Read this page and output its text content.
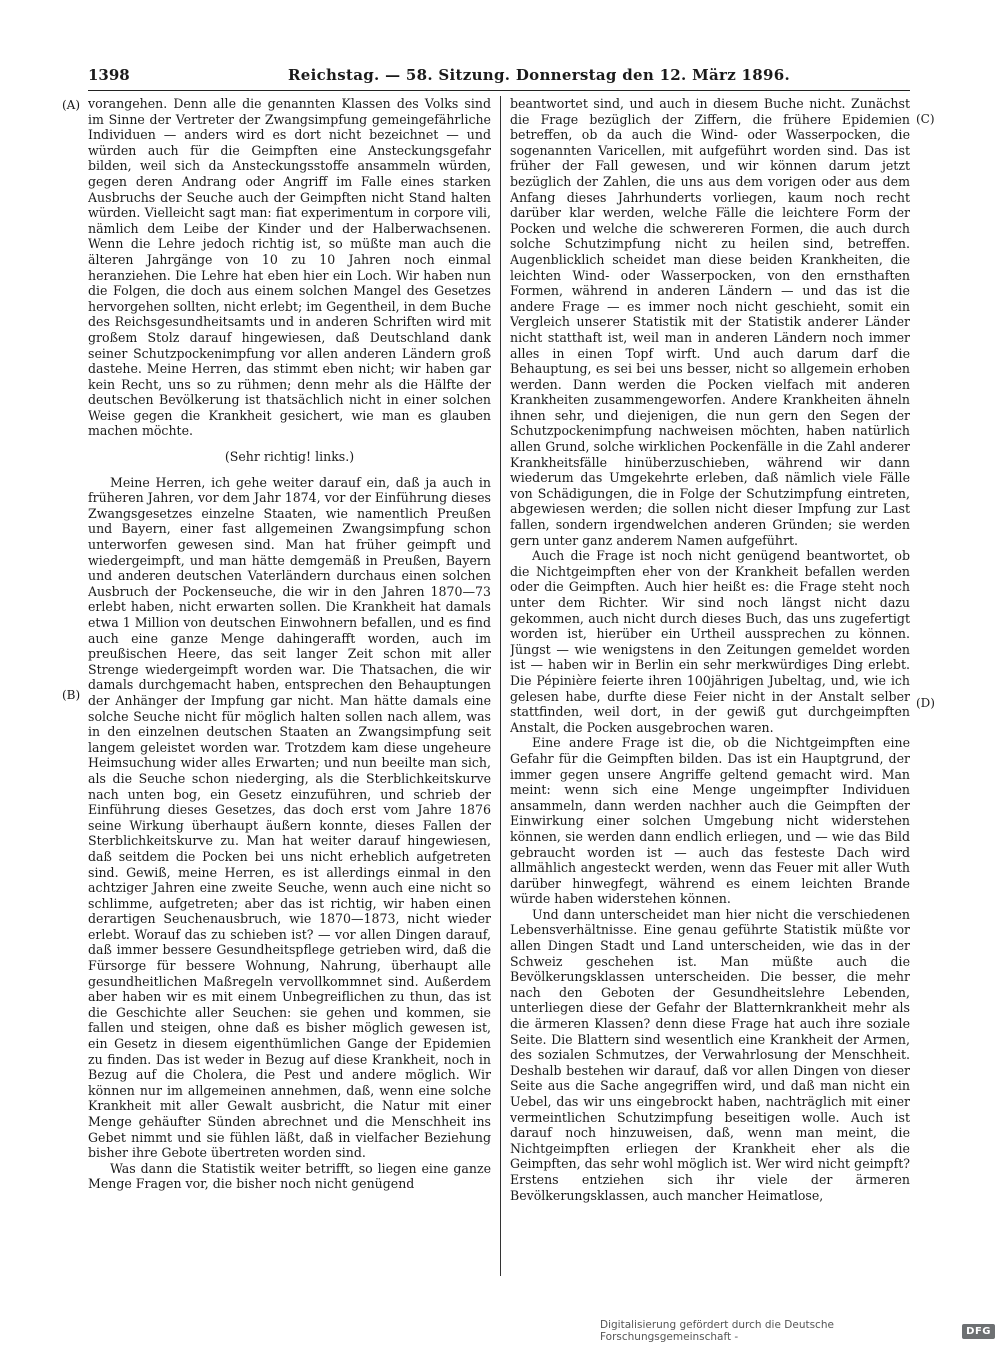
1398	Reichstag. — 58. Sitzung. Donnerstag den 12. März 1896.
(A)
(B)
(C)
(D)

vorangehen. Denn alle die genannten Klassen des Volks sind im Sinne der Vertreter der Zwangsimpfung gemeingefährliche Individuen — anders wird es dort nicht bezeichnet — und würden auch für die Geimpften eine Ansteckungsgefahr bilden, weil sich da Ansteckungsstoffe ansammeln würden, gegen deren Andrang oder Angriff im Falle eines starken Ausbruchs der Seuche auch der Geimpften nicht Stand halten würden. Vielleicht sagt man: fiat experimentum in corpore vili, nämlich dem Leibe der Kinder und der Halberwachsenen. Wenn die Lehre jedoch richtig ist, so müßte man auch die älteren Jahrgänge von 10 zu 10 Jahren noch einmal heranziehen. Die Lehre hat eben hier ein Loch. Wir haben nun die Folgen, die doch aus einem solchen Mangel des Gesetzes hervorgehen sollten, nicht erlebt; im Gegentheil, in dem Buche des Reichsgesundheitsamts und in anderen Schriften wird mit großem Stolz darauf hingewiesen, daß Deutschland dank seiner Schutzpockenimpfung vor allen anderen Ländern groß dastehe. Meine Herren, das stimmt eben nicht; wir haben gar kein Recht, uns so zu rühmen; denn mehr als die Hälfte der deutschen Bevölkerung ist thatsächlich nicht in einer solchen Weise gegen die Krankheit gesichert, wie man es glauben machen möchte.

(Sehr richtig! links.)

Meine Herren, ich gehe weiter darauf ein, daß ja auch in früheren Jahren, vor dem Jahr 1874, vor der Einführung dieses Zwangsgesetzes einzelne Staaten, wie namentlich Preußen und Bayern, einer fast allgemeinen Zwangsimpfung schon unterworfen gewesen sind. Man hat früher geimpft und wiedergeimpft, und man hätte demgemäß in Preußen, Bayern und anderen deutschen Vaterländern durchaus einen solchen Ausbruch der Pockenseuche, die wir in den Jahren 1870—73 erlebt haben, nicht erwarten sollen. Die Krankheit hat damals etwa 1 Million von deutschen Einwohnern befallen, und es find auch eine ganze Menge dahingerafft worden, auch im preußischen Heere, das seit langer Zeit schon mit aller Strenge wiedergeimpft worden war. Die Thatsachen, die wir damals durchgemacht haben, entsprechen den Behauptungen der Anhänger der Impfung gar nicht. Man hätte damals eine solche Seuche nicht für möglich halten sollen nach allem, was in den einzelnen deutschen Staaten an Zwangsimpfung seit langem geleistet worden war. Trotzdem kam diese ungeheure Heimsuchung wider alles Erwarten; und nun beeilte man sich, als die Seuche schon niederging, als die Sterblichkeitskurve nach unten bog, ein Gesetz einzuführen, und schrieb der Einführung dieses Gesetzes, das doch erst vom Jahre 1876 seine Wirkung überhaupt äußern konnte, dieses Fallen der Sterblichkeitskurve zu. Man hat weiter darauf hingewiesen, daß seitdem die Pocken bei uns nicht erheblich aufgetreten sind. Gewiß, meine Herren, es ist allerdings einmal in den achtziger Jahren eine zweite Seuche, wenn auch eine nicht so schlimme, aufgetreten; aber das ist richtig, wir haben einen derartigen Seuchenausbruch, wie 1870—1873, nicht wieder erlebt. Worauf das zu schieben ist? — vor allen Dingen darauf, daß immer bessere Gesundheitspflege getrieben wird, daß die Fürsorge für bessere Wohnung, Nahrung, überhaupt alle gesundheitlichen Maßregeln vervollkommnet sind. Außerdem aber haben wir es mit einem Unbegreiflichen zu thun, das ist die Geschichte aller Seuchen: sie gehen und kommen, sie fallen und steigen, ohne daß es bisher möglich gewesen ist, ein Gesetz in diesem eigenthümlichen Gange der Epidemien zu finden. Das ist weder in Bezug auf diese Krankheit, noch in Bezug auf die Cholera, die Pest und andere möglich. Wir können nur im allgemeinen annehmen, daß, wenn eine solche Krankheit mit aller Gewalt ausbricht, die Natur mit einer Menge gehäufter Sünden abrechnet und die Menschheit ins Gebet nimmt und sie fühlen läßt, daß in vielfacher Beziehung bisher ihre Gebote übertreten worden sind.

Was dann die Statistik weiter betrifft, so liegen eine ganze Menge Fragen vor, die bisher noch nicht genügend

beantwortet sind, und auch in diesem Buche nicht. Zunächst die Frage bezüglich der Ziffern, die frühere Epidemien betreffen, ob da auch die Wind- oder Wasserpocken, die sogenannten Varicellen, mit aufgeführt worden sind. Das ist früher der Fall gewesen, und wir können darum jetzt bezüglich der Zahlen, die uns aus dem vorigen oder aus dem Anfang dieses Jahrhunderts vorliegen, kaum noch recht darüber klar werden, welche Fälle die leichtere Form der Pocken und welche die schwereren Formen, die auch durch solche Schutzimpfung nicht zu heilen sind, betreffen. Augenblicklich scheidet man diese beiden Krankheiten, die leichten Wind- oder Wasserpocken, von den ernsthaften Formen, während in anderen Ländern — und das ist die andere Frage — es immer noch nicht geschieht, somit ein Vergleich unserer Statistik mit der Statistik anderer Länder nicht statthaft ist, weil man in anderen Ländern noch immer alles in einen Topf wirft. Und auch darum darf die Behauptung, es sei bei uns besser, nicht so allgemein erhoben werden. Dann werden die Pocken vielfach mit anderen Krankheiten zusammengeworfen. Andere Krankheiten ähneln ihnen sehr, und diejenigen, die nun gern den Segen der Schutzpockenimpfung nachweisen möchten, haben natürlich allen Grund, solche wirklichen Pockenfälle in die Zahl anderer Krankheitsfälle hinüberzuschieben, während wir dann wiederum das Umgekehrte erleben, daß nämlich viele Fälle von Schädigungen, die in Folge der Schutzimpfung eintreten, abgewiesen werden; die sollen nicht dieser Impfung zur Last fallen, sondern irgendwelchen anderen Gründen; sie werden gern unter ganz anderem Namen aufgeführt.

Auch die Frage ist noch nicht genügend beantwortet, ob die Nichtgeimpften eher von der Krankheit befallen werden oder die Geimpften. Auch hier heißt es: die Frage steht noch unter dem Richter. Wir sind noch längst nicht dazu gekommen, auch nicht durch dieses Buch, das uns zugefertigt worden ist, hierüber ein Urtheil aussprechen zu können. Jüngst — wie wenigstens in den Zeitungen gemeldet worden ist — haben wir in Berlin ein sehr merkwürdiges Ding erlebt. Die Pépinière feierte ihren 100jährigen Jubeltag, und, wie ich gelesen habe, durfte diese Feier nicht in der Anstalt selber stattfinden, weil dort, in der gewiß gut durchgeimpften Anstalt, die Pocken ausgebrochen waren.

Eine andere Frage ist die, ob die Nichtgeimpften eine Gefahr für die Geimpften bilden. Das ist ein Hauptgrund, der immer gegen unsere Angriffe geltend gemacht wird. Man meint: wenn sich eine Menge ungeimpfter Individuen ansammeln, dann werden nachher auch die Geimpften der Einwirkung einer solchen Umgebung nicht widerstehen können, sie werden dann endlich erliegen, und — wie das Bild gebraucht worden ist — auch das festeste Dach wird allmählich angesteckt werden, wenn das Feuer mit aller Wuth darüber hinwegfegt, während es einem leichten Brande würde haben widerstehen können.

Und dann unterscheidet man hier nicht die verschiedenen Lebensverhältnisse. Eine genau geführte Statistik müßte vor allen Dingen Stadt und Land unterscheiden, wie das in der Schweiz geschehen ist. Man müßte auch die Bevölkerungsklassen unterscheiden. Die besser, die mehr nach den Geboten der Gesundheitslehre Lebenden, unterliegen diese der Gefahr der Blatternkrankheit mehr als die ärmeren Klassen? denn diese Frage hat auch ihre soziale Seite. Die Blattern sind wesentlich eine Krankheit der Armen, des sozialen Schmutzes, der Verwahrlosung der Menschheit. Deshalb bestehen wir darauf, daß vor allen Dingen von dieser Seite aus die Sache angegriffen wird, und daß man nicht ein Uebel, das wir uns eingebrockt haben, nachträglich mit einer vermeintlichen Schutzimpfung beseitigen wolle. Auch ist darauf noch hinzuweisen, daß, wenn man meint, die Nichtgeimpften erliegen der Krankheit eher als die Geimpften, das sehr wohl möglich ist. Wer wird nicht geimpft? Erstens entziehen sich ihr viele der ärmeren Bevölkerungsklassen, auch mancher Heimatlose,

Digitalisierung gefördert durch die Deutsche Forschungsgemeinschaft -	DFG
